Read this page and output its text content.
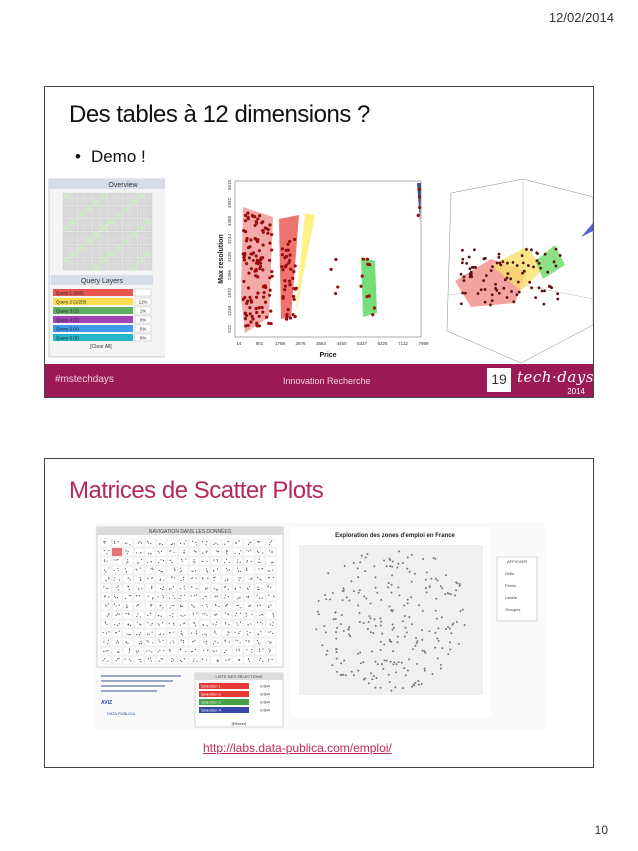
12/02/2014
Des tables à 12 dimensions ?
• Demo !
Overview
Query Layers
Query 1 (900)
Query 2 (1/2/3)	11%
Query 3 (2)	1%
Query 4 (3)	0%
Query 5 (4)	5%
Query 6 (5)	0%
[Clear All]
14	901	1788 2676 3563 4450 5337 6225 7112 7999
512
1248
1872
2496
3120
3744
4368
4992
5616
Price
Max resolution
#mstechdays	Innovation Recherche	19 tech·days
2014
Matrices de Scatter Plots
NAVIGATION DANS LES DONNÉES
AVIZ
DATA PUBLICA
LISTE DES SÉLECTIONS
Sélection 1	0/304
Sélection 2	9/304
Sélection 3	0/304
Sélection 4	0/304
[Effacer]
Exploration des zones d'emploi en France
AFFICHER
Grille
Points
Labels
Groupes
http://labs.data-publica.com/emploi/
10
